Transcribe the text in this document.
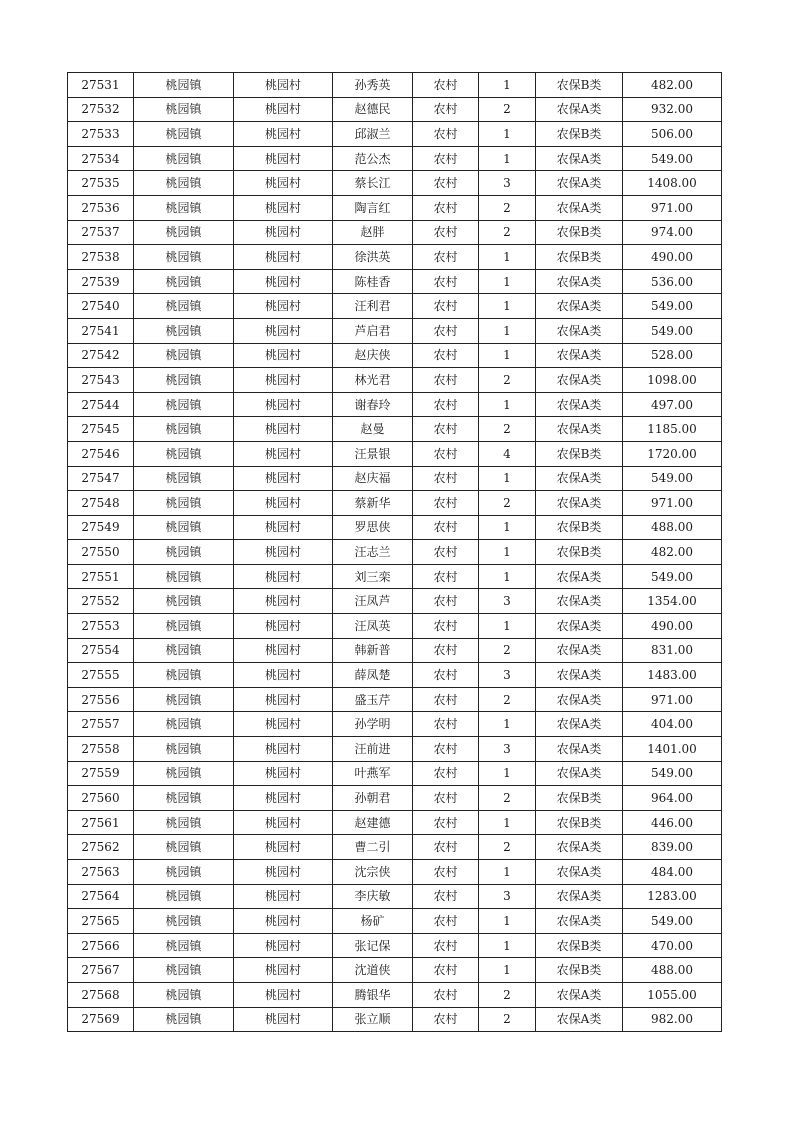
27531	桃园镇	桃园村	孙秀英	农村	1	农保B类	482.00
27532	桃园镇	桃园村	赵德民	农村	2	农保A类	932.00
27533	桃园镇	桃园村	邱淑兰	农村	1	农保B类	506.00
27534	桃园镇	桃园村	范公杰	农村	1	农保A类	549.00
27535	桃园镇	桃园村	蔡长江	农村	3	农保A类	1408.00
27536	桃园镇	桃园村	陶言红	农村	2	农保A类	971.00
27537	桃园镇	桃园村	赵胖	农村	2	农保B类	974.00
27538	桃园镇	桃园村	徐洪英	农村	1	农保B类	490.00
27539	桃园镇	桃园村	陈桂香	农村	1	农保A类	536.00
27540	桃园镇	桃园村	汪利君	农村	1	农保A类	549.00
27541	桃园镇	桃园村	芦启君	农村	1	农保A类	549.00
27542	桃园镇	桃园村	赵庆侠	农村	1	农保A类	528.00
27543	桃园镇	桃园村	林光君	农村	2	农保A类	1098.00
27544	桃园镇	桃园村	谢春玲	农村	1	农保A类	497.00
27545	桃园镇	桃园村	赵曼	农村	2	农保A类	1185.00
27546	桃园镇	桃园村	汪景银	农村	4	农保B类	1720.00
27547	桃园镇	桃园村	赵庆福	农村	1	农保A类	549.00
27548	桃园镇	桃园村	蔡新华	农村	2	农保A类	971.00
27549	桃园镇	桃园村	罗思侠	农村	1	农保B类	488.00
27550	桃园镇	桃园村	汪志兰	农村	1	农保B类	482.00
27551	桃园镇	桃园村	刘三栾	农村	1	农保A类	549.00
27552	桃园镇	桃园村	汪凤芦	农村	3	农保A类	1354.00
27553	桃园镇	桃园村	汪凤英	农村	1	农保A类	490.00
27554	桃园镇	桃园村	韩新普	农村	2	农保A类	831.00
27555	桃园镇	桃园村	薛凤楚	农村	3	农保A类	1483.00
27556	桃园镇	桃园村	盛玉芹	农村	2	农保A类	971.00
27557	桃园镇	桃园村	孙学明	农村	1	农保A类	404.00
27558	桃园镇	桃园村	汪前进	农村	3	农保A类	1401.00
27559	桃园镇	桃园村	叶燕军	农村	1	农保A类	549.00
27560	桃园镇	桃园村	孙朝君	农村	2	农保B类	964.00
27561	桃园镇	桃园村	赵建德	农村	1	农保B类	446.00
27562	桃园镇	桃园村	曹二引	农村	2	农保A类	839.00
27563	桃园镇	桃园村	沈宗侠	农村	1	农保A类	484.00
27564	桃园镇	桃园村	李庆敏	农村	3	农保A类	1283.00
27565	桃园镇	桃园村	杨矿	农村	1	农保A类	549.00
27566	桃园镇	桃园村	张记保	农村	1	农保B类	470.00
27567	桃园镇	桃园村	沈道侠	农村	1	农保B类	488.00
27568	桃园镇	桃园村	腾银华	农村	2	农保A类	1055.00
27569	桃园镇	桃园村	张立顺	农村	2	农保A类	982.00
